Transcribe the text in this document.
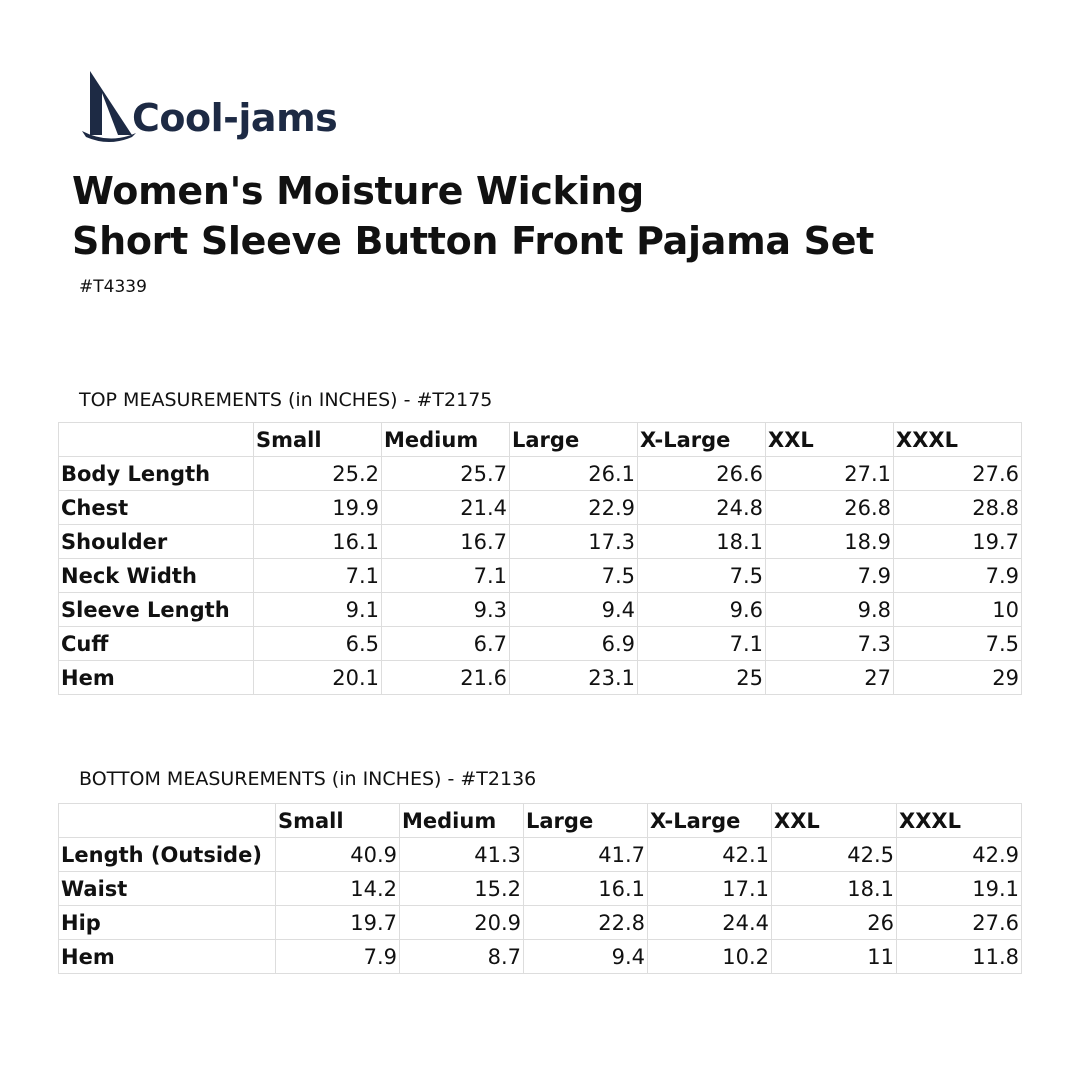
Cool-jams
Women's Moisture Wicking
Short Sleeve Button Front Pajama Set
#T4339
TOP MEASUREMENTS (in INCHES) - #T2175
	Small	Medium	Large	X-Large	XXL	XXXL
Body Length	25.2	25.7	26.1	26.6	27.1	27.6
Chest	19.9	21.4	22.9	24.8	26.8	28.8
Shoulder	16.1	16.7	17.3	18.1	18.9	19.7
Neck Width	7.1	7.1	7.5	7.5	7.9	7.9
Sleeve Length	9.1	9.3	9.4	9.6	9.8	10
Cuff	6.5	6.7	6.9	7.1	7.3	7.5
Hem	20.1	21.6	23.1	25	27	29
BOTTOM MEASUREMENTS (in INCHES) - #T2136
	Small	Medium	Large	X-Large	XXL	XXXL
Length (Outside)	40.9	41.3	41.7	42.1	42.5	42.9
Waist	14.2	15.2	16.1	17.1	18.1	19.1
Hip	19.7	20.9	22.8	24.4	26	27.6
Hem	7.9	8.7	9.4	10.2	11	11.8
